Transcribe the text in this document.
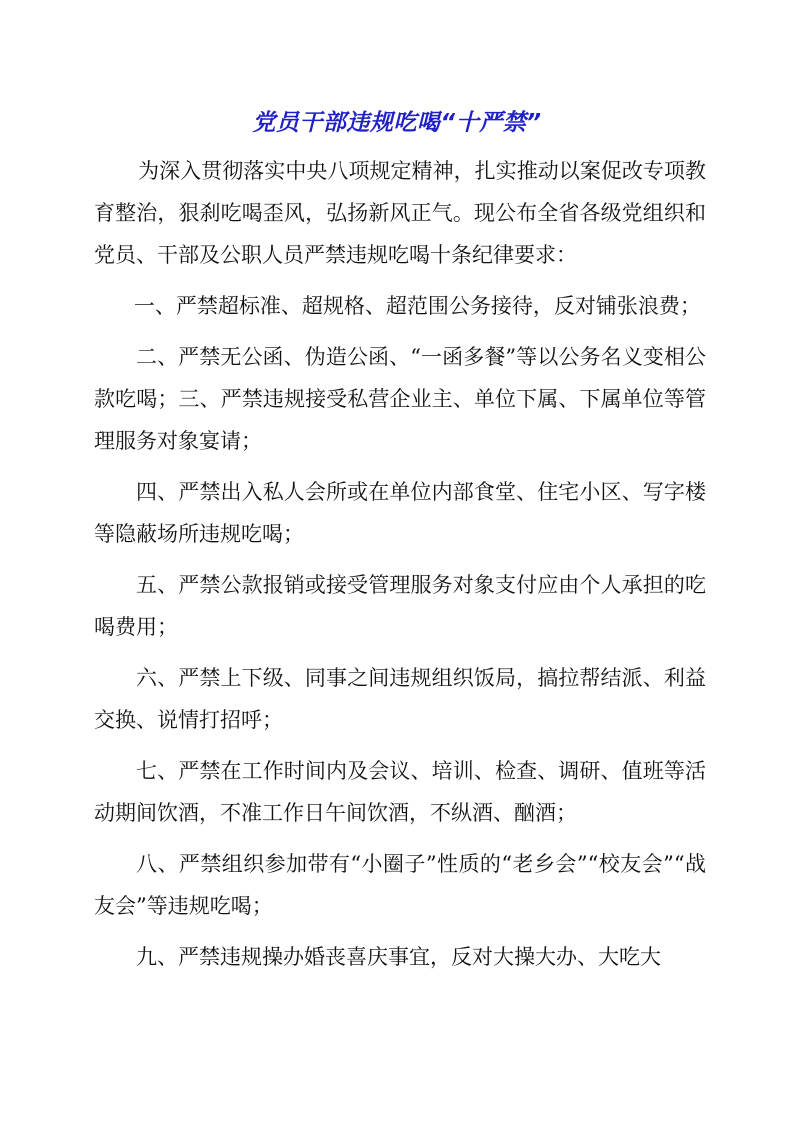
党员干部违规吃喝“十严禁”

为深入贯彻落实中央八项规定精神，扎实推动以案促改专项教育整治，狠刹吃喝歪风，弘扬新风正气。现公布全省各级党组织和党员、干部及公职人员严禁违规吃喝十条纪律要求：

一、严禁超标准、超规格、超范围公务接待，反对铺张浪费；

二、严禁无公函、伪造公函、“一函多餐”等以公务名义变相公款吃喝；三、严禁违规接受私营企业主、单位下属、下属单位等管理服务对象宴请；

四、严禁出入私人会所或在单位内部食堂、住宅小区、写字楼等隐蔽场所违规吃喝；

五、严禁公款报销或接受管理服务对象支付应由个人承担的吃喝费用；

六、严禁上下级、同事之间违规组织饭局，搞拉帮结派、利益交换、说情打招呼；

七、严禁在工作时间内及会议、培训、检查、调研、值班等活动期间饮酒，不准工作日午间饮酒，不纵酒、酗酒；

八、严禁组织参加带有“小圈子”性质的“老乡会”“校友会”“战友会”等违规吃喝；

九、严禁违规操办婚丧喜庆事宜，反对大操大办、大吃大
